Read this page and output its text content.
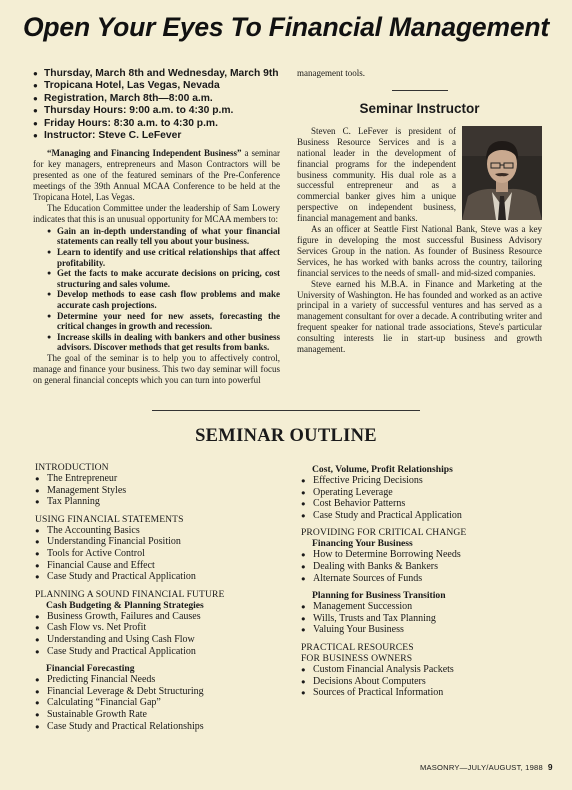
Open Your Eyes To Financial Management
● Thursday, March 8th and Wednesday, March 9th
● Tropicana Hotel, Las Vegas, Nevada
● Registration, March 8th—8:00 a.m.
● Thursday Hours: 9:00 a.m. to 4:30 p.m.
● Friday Hours: 8:30 a.m. to 4:30 p.m.
● Instructor: Steve C. LeFever

“Managing and Financing Independent Business” a seminar for key managers, entrepreneurs and Mason Contractors will be presented as one of the featured seminars of the Pre-Conference meetings of the 39th Annual MCAA Conference to be held at the Tropicana Hotel, Las Vegas.

The Education Committee under the leadership of Sam Lowery indicates that this is an unusual opportunity for MCAA members to:

● Gain an in-depth understanding of what your financial statements can really tell you about your business.
● Learn to identify and use critical relationships that affect profitability.
● Get the facts to make accurate decisions on pricing, cost structuring and sales volume.
● Develop methods to ease cash flow problems and make accurate cash projections.
● Determine your need for new assets, forecasting the critical changes in growth and recession.
● Increase skills in dealing with bankers and other business advisors. Discover methods that get results from banks.

The goal of the seminar is to help you to affectively control, manage and finance your business. This two day seminar will focus on general financial concepts which you can turn into powerful

management tools.
Seminar Instructor

Steven C. LeFever is president of Business Resource Services and is a national leader in the development of financial programs for the independent business community. His dual role as a successful entrepreneur and as a commercial banker gives him a unique perspective on independent business, financial management and banks.

As an officer at Seattle First National Bank, Steve was a key figure in developing the most successful Business Advisory Services Group in the nation. As founder of Business Resource Services, he has worked with banks across the country, tailoring financial services to the needs of small- and mid-sized companies.

Steve earned his M.B.A. in Finance and Marketing at the University of Washington. He has founded and worked as an active principal in a variety of successful ventures and has served as a management consultant for over a decade. A contributing writer and frequent speaker for national trade associations, Steve's particular consulting interests lie in start-up business and growth management.

SEMINAR OUTLINE
INTRODUCTION
● The Entrepreneur
● Management Styles
● Tax Planning
USING FINANCIAL STATEMENTS
● The Accounting Basics
● Understanding Financial Position
● Tools for Active Control
● Financial Cause and Effect
● Case Study and Practical Application
PLANNING A SOUND FINANCIAL FUTURE
Cash Budgeting & Planning Strategies
● Business Growth, Failures and Causes
● Cash Flow vs. Net Profit
● Understanding and Using Cash Flow
● Case Study and Practical Application
Financial Forecasting
● Predicting Financial Needs
● Financial Leverage & Debt Structuring
● Calculating “Financial Gap”
● Sustainable Growth Rate
● Case Study and Practical Relationships
Cost, Volume, Profit Relationships
● Effective Pricing Decisions
● Operating Leverage
● Cost Behavior Patterns
● Case Study and Practical Application
PROVIDING FOR CRITICAL CHANGE
Financing Your Business
● How to Determine Borrowing Needs
● Dealing with Banks & Bankers
● Alternate Sources of Funds
Planning for Business Transition
● Management Succession
● Wills, Trusts and Tax Planning
● Valuing Your Business
PRACTICAL RESOURCES
FOR BUSINESS OWNERS
● Custom Financial Analysis Packets
● Decisions About Computers
● Sources of Practical Information
MASONRY—JULY/AUGUST, 1988 9
